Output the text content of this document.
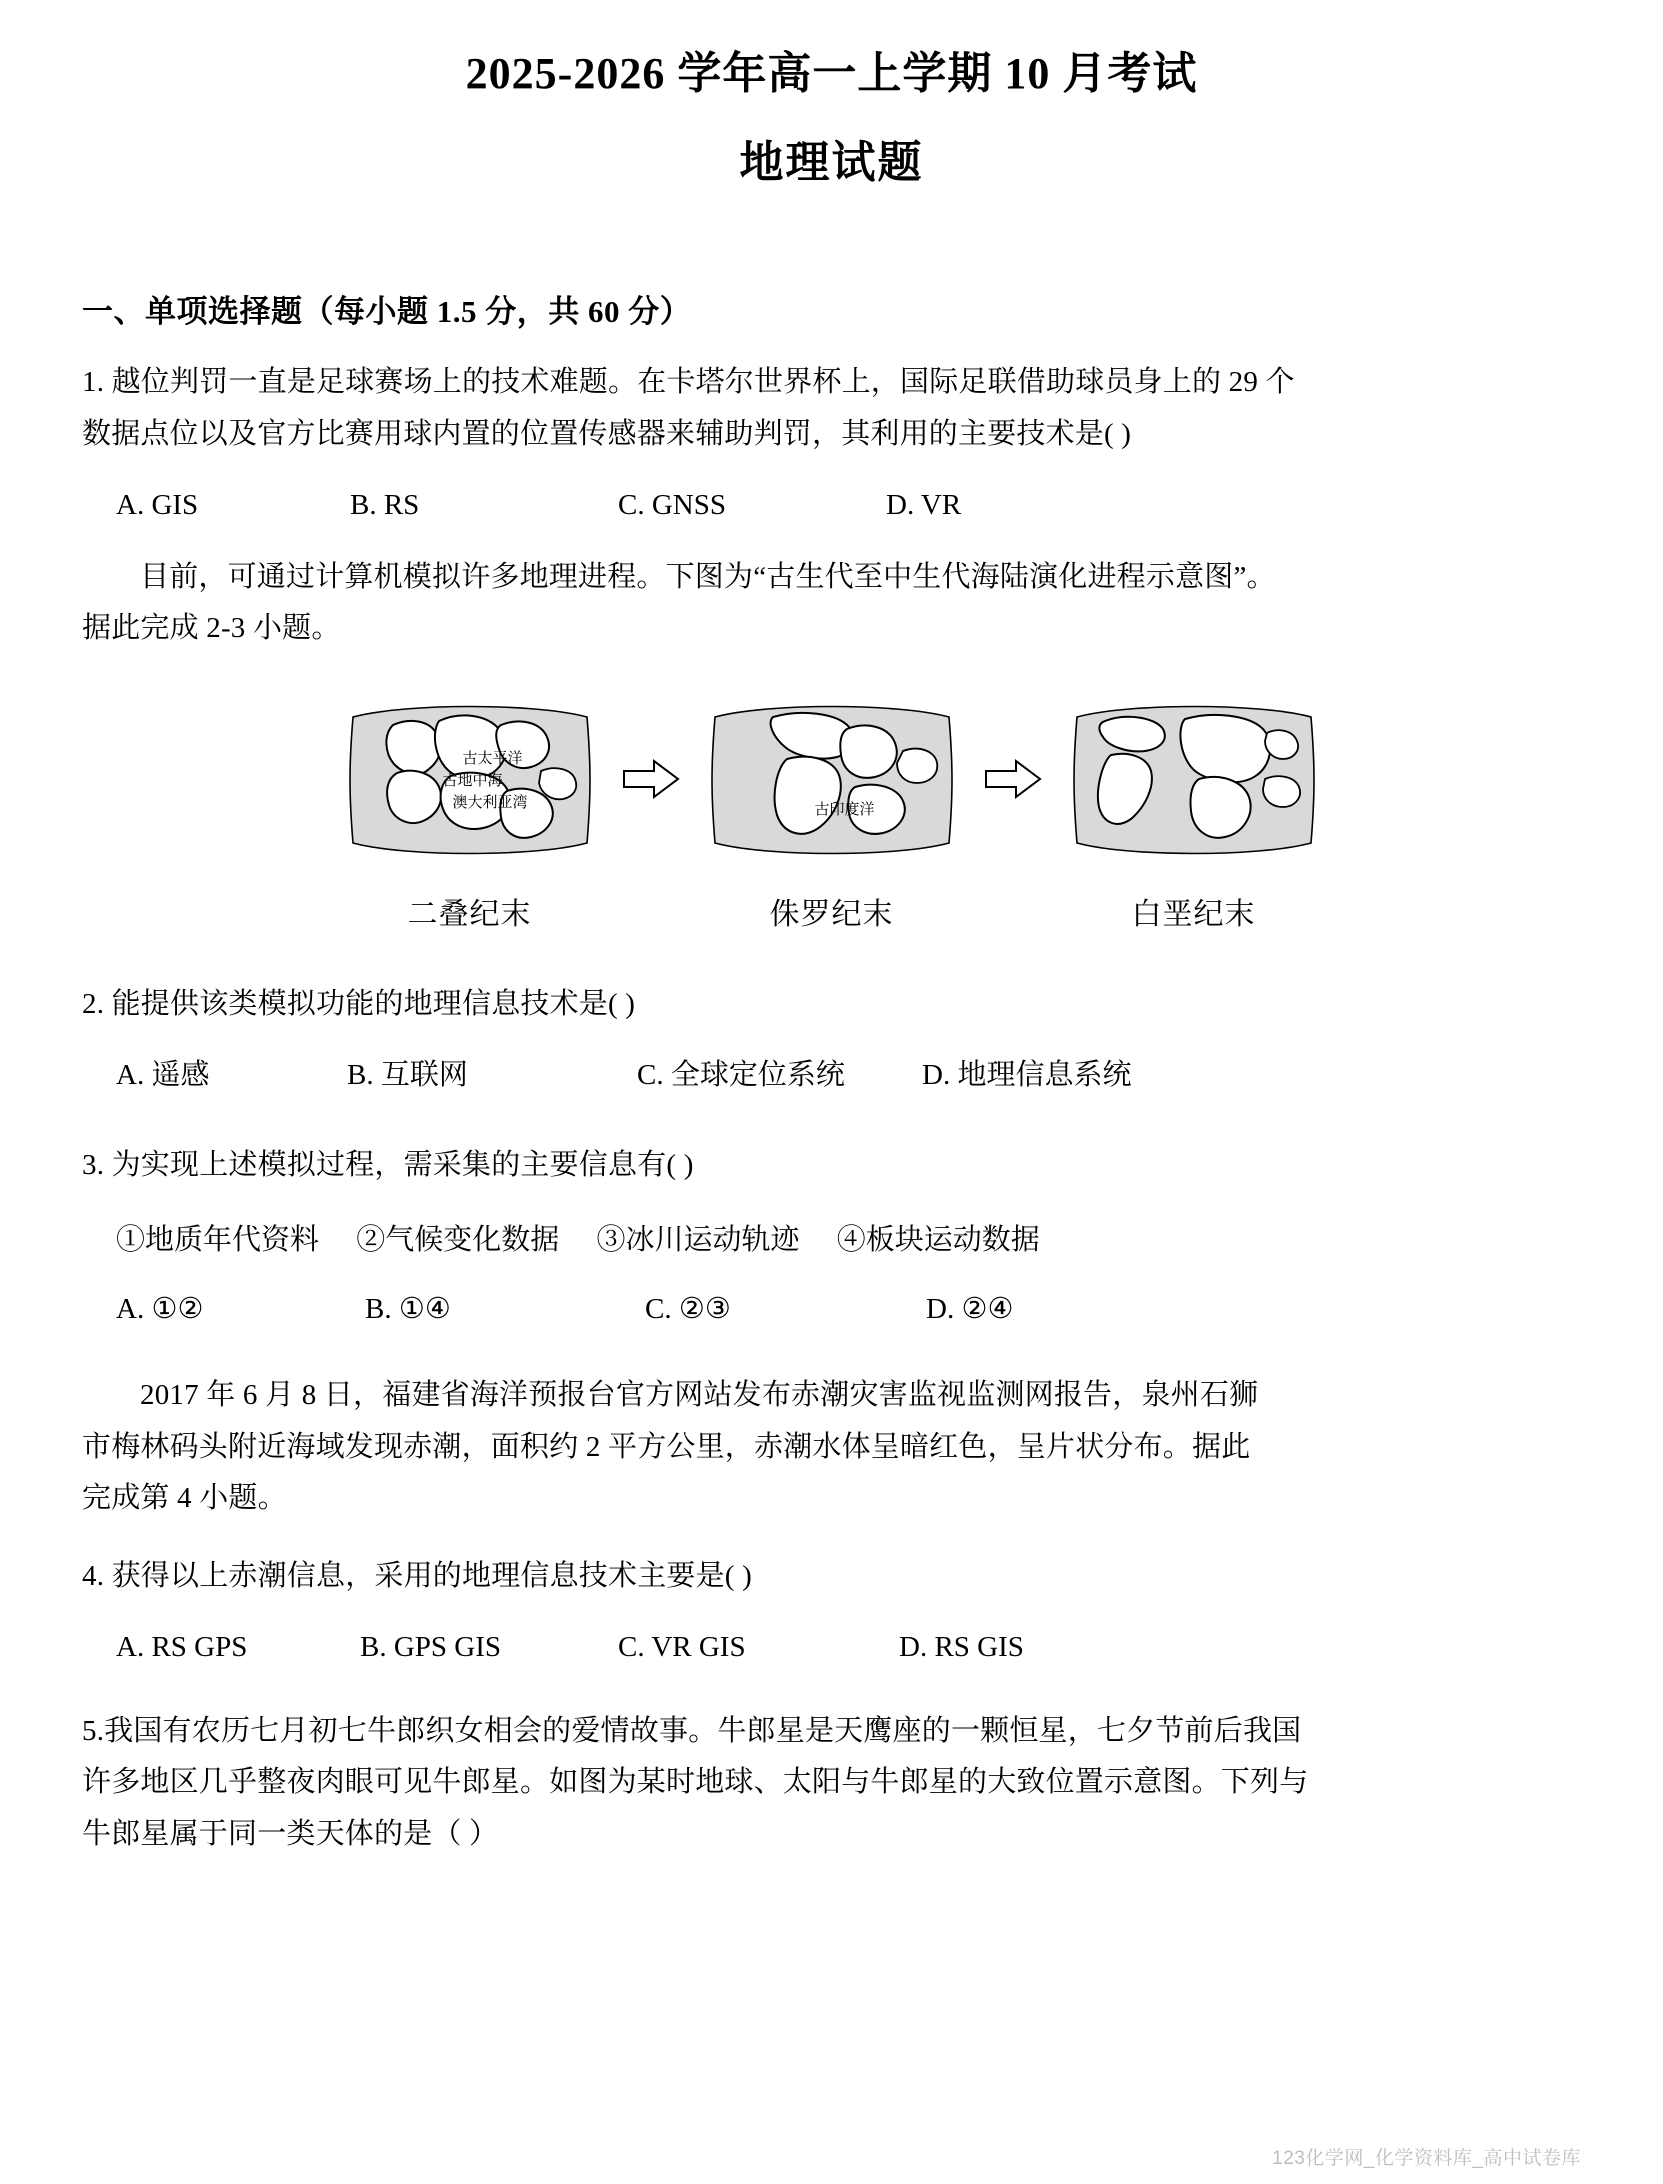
2025-2026 学年高一上学期 10 月考试
地理试题
一、单项选择题（每小题 1.5 分，共 60 分）
1. 越位判罚一直是足球赛场上的技术难题。在卡塔尔世界杯上，国际足联借助球员身上的 29 个
数据点位以及官方比赛用球内置的位置传感器来辅助判罚，其利用的主要技术是( )
A. GIS	B. RS	C. GNSS	D. VR
目前，可通过计算机模拟许多地理进程。下图为“古生代至中生代海陆演化进程示意图”。
据此完成 2-3 小题。
古太平洋
古地中海
澳大利亚湾
二叠纪末
古印度洋
侏罗纪末	白垩纪末
2. 能提供该类模拟功能的地理信息技术是( )
A. 遥感	B. 互联网	C. 全球定位系统	D. 地理信息系统
3. 为实现上述模拟过程，需采集的主要信息有( )
①地质年代资料 ②气候变化数据 ③冰川运动轨迹 ④板块运动数据
A. ①②	B. ①④	C. ②③	D. ②④
2017 年 6 月 8 日，福建省海洋预报台官方网站发布赤潮灾害监视监测网报告，泉州石狮
市梅林码头附近海域发现赤潮，面积约 2 平方公里，赤潮水体呈暗红色，呈片状分布。据此
完成第 4 小题。
4. 获得以上赤潮信息，采用的地理信息技术主要是( )
A. RS GPS	B. GPS GIS	C. VR GIS	D. RS GIS
5.我国有农历七月初七牛郎织女相会的爱情故事。牛郎星是天鹰座的一颗恒星，七夕节前后我国
许多地区几乎整夜肉眼可见牛郎星。如图为某时地球、太阳与牛郎星的大致位置示意图。下列与
牛郎星属于同一类天体的是（ ）
123化学网_化学资料库_高中试卷库
